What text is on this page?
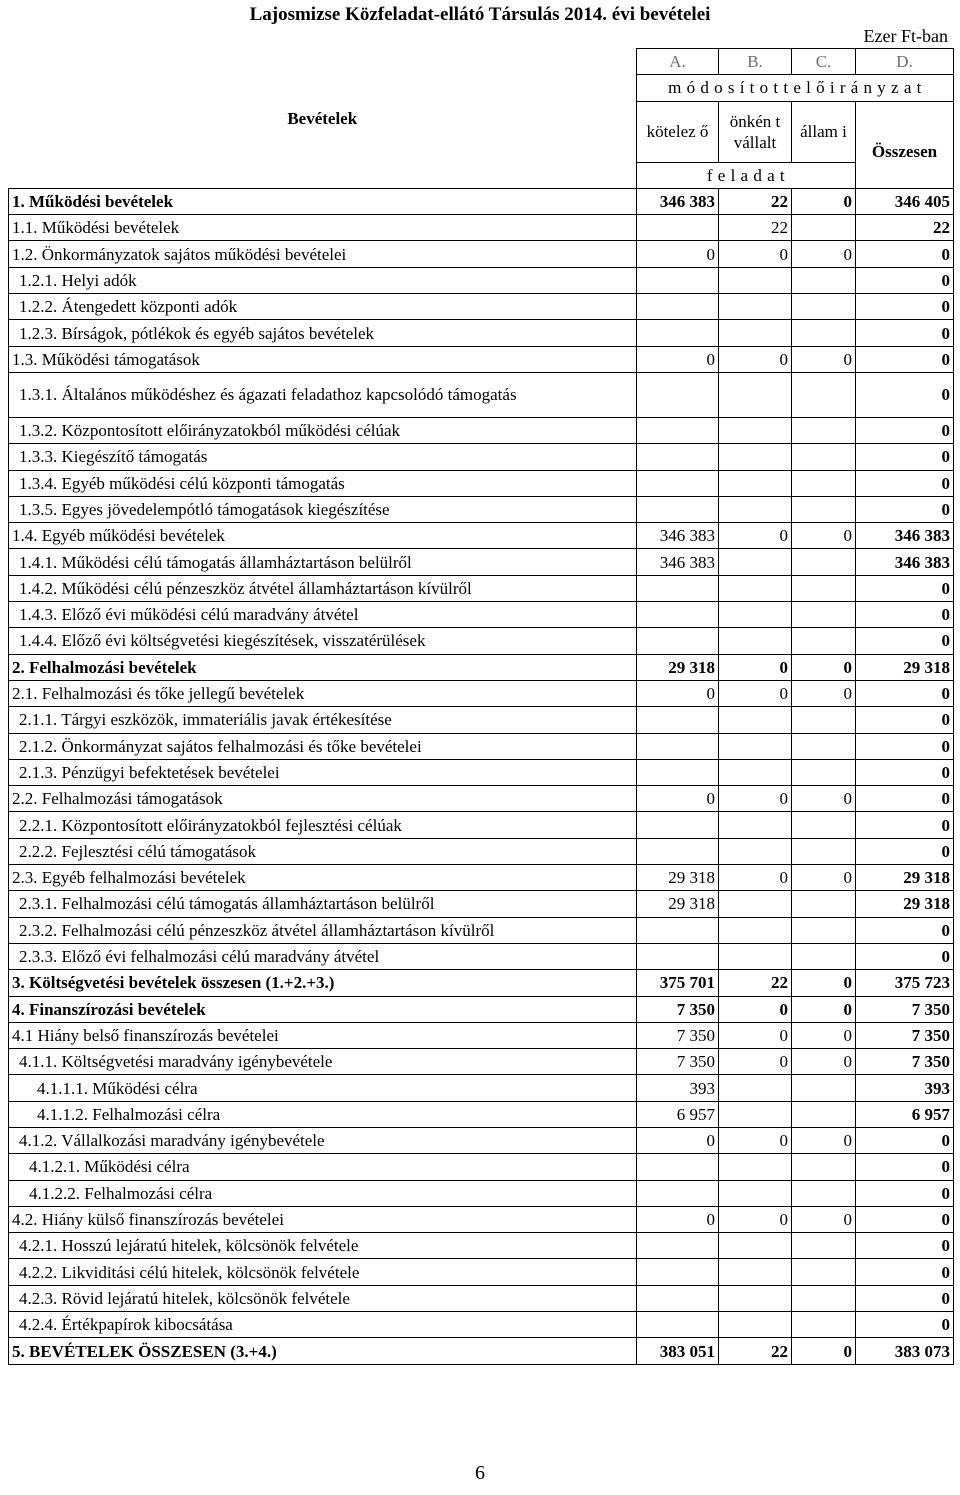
Lajosmizse Közfeladat-ellátó Társulás 2014. évi bevételei
Ezer Ft-ban
Bevételek	A.	B.	C.	D.
	m ó d o s í t o t t e l ő i r á n y z a t			
	kötelez ő	önkén t vállalt	állam i	Összesen
	f e l a d a t			
1. Működési bevételek	346 383	22	0	346 405
1.1. Működési bevételek		22		22
1.2. Önkormányzatok sajátos működési bevételei	0	0	0	0
1.2.1. Helyi adók				0
1.2.2. Átengedett központi adók				0
1.2.3. Bírságok, pótlékok és egyéb sajátos bevételek				0
1.3. Működési támogatások	0	0	0	0
1.3.1. Általános működéshez és ágazati feladathoz kapcsolódó támogatás				0
1.3.2. Központosított előirányzatokból működési célúak				0
1.3.3. Kiegészítő támogatás				0
1.3.4. Egyéb működési célú központi támogatás				0
1.3.5. Egyes jövedelempótló támogatások kiegészítése				0
1.4. Egyéb működési bevételek	346 383	0	0	346 383
1.4.1. Működési célú támogatás államháztartáson belülről	346 383			346 383
1.4.2. Működési célú pénzeszköz átvétel államháztartáson kívülről				0
1.4.3. Előző évi működési célú maradvány átvétel				0
1.4.4. Előző évi költségvetési kiegészítések, visszatérülések				0
2. Felhalmozási bevételek	29 318	0	0	29 318
2.1. Felhalmozási és tőke jellegű bevételek	0	0	0	0
2.1.1. Tárgyi eszközök, immateriális javak értékesítése				0
2.1.2. Önkormányzat sajátos felhalmozási és tőke bevételei				0
2.1.3. Pénzügyi befektetések bevételei				0
2.2. Felhalmozási támogatások	0	0	0	0
2.2.1. Központosított előirányzatokból fejlesztési célúak				0
2.2.2. Fejlesztési célú támogatások				0
2.3. Egyéb felhalmozási bevételek	29 318	0	0	29 318
2.3.1. Felhalmozási célú támogatás államháztartáson belülről	29 318			29 318
2.3.2. Felhalmozási célú pénzeszköz átvétel államháztartáson kívülről				0
2.3.3. Előző évi felhalmozási célú maradvány átvétel				0
3. Költségvetési bevételek összesen (1.+2.+3.)	375 701	22	0	375 723
4. Finanszírozási bevételek	7 350	0	0	7 350
4.1 Hiány belső finanszírozás bevételei	7 350	0	0	7 350
4.1.1. Költségvetési maradvány igénybevétele	7 350	0	0	7 350
4.1.1.1. Működési célra	393			393
4.1.1.2. Felhalmozási célra	6 957			6 957
4.1.2. Vállalkozási maradvány igénybevétele	0	0	0	0
4.1.2.1. Működési célra				0
4.1.2.2. Felhalmozási célra				0
4.2. Hiány külső finanszírozás bevételei	0	0	0	0
4.2.1. Hosszú lejáratú hitelek, kölcsönök felvétele				0
4.2.2. Likviditási célú hitelek, kölcsönök felvétele				0
4.2.3. Rövid lejáratú hitelek, kölcsönök felvétele				0
4.2.4. Értékpapírok kibocsátása				0
5. BEVÉTELEK ÖSSZESEN (3.+4.)	383 051	22	0	383 073
6
